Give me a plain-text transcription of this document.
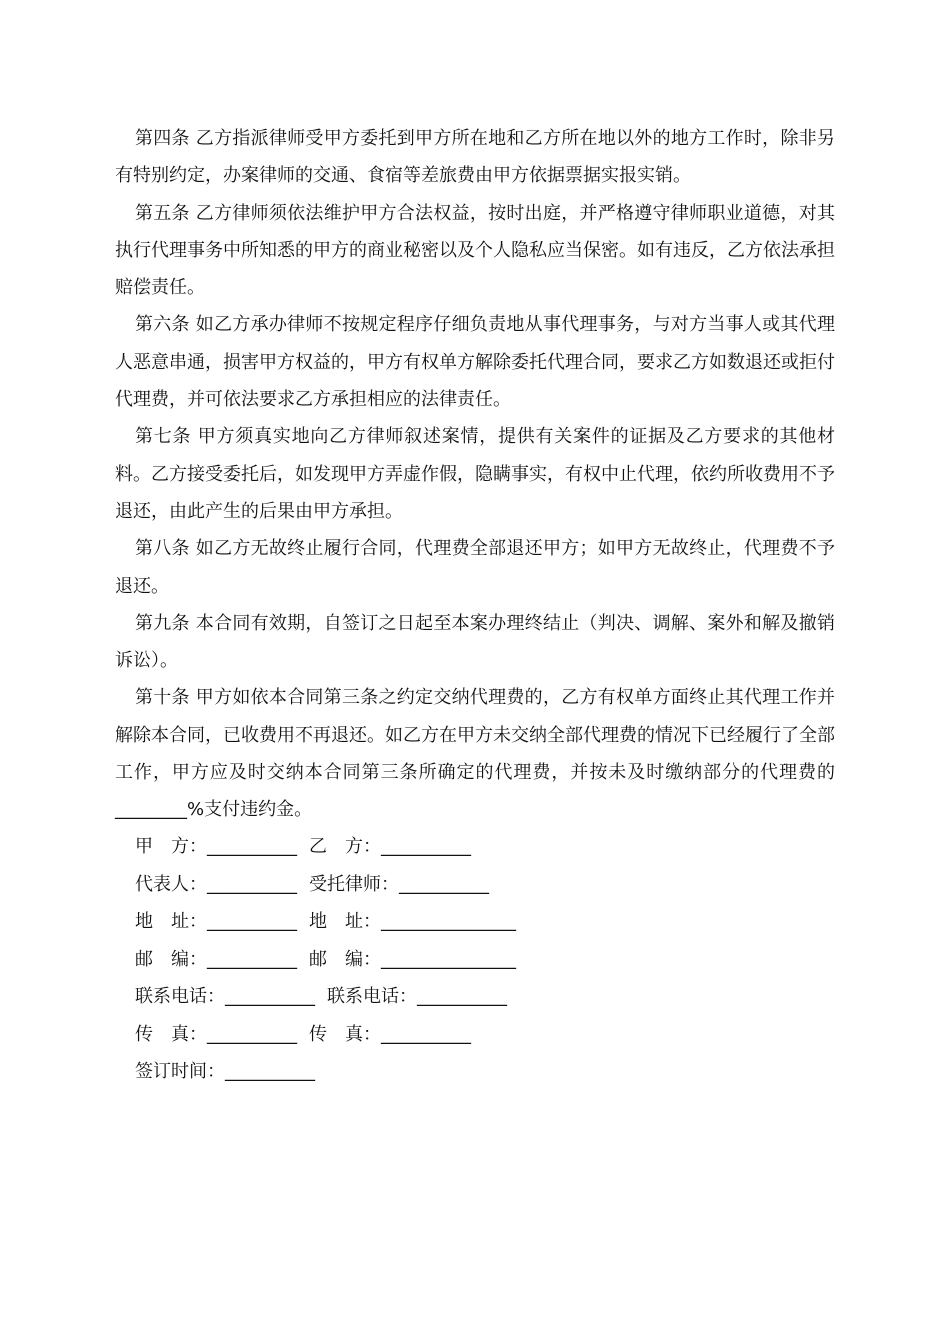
第四条 乙方指派律师受甲方委托到甲方所在地和乙方所在地以外的地方工作时，除非另有特别约定，办案律师的交通、食宿等差旅费由甲方依据票据实报实销。

第五条 乙方律师须依法维护甲方合法权益，按时出庭，并严格遵守律师职业道德，对其执行代理事务中所知悉的甲方的商业秘密以及个人隐私应当保密。如有违反，乙方依法承担赔偿责任。

第六条 如乙方承办律师不按规定程序仔细负责地从事代理事务，与对方当事人或其代理人恶意串通，损害甲方权益的，甲方有权单方解除委托代理合同，要求乙方如数退还或拒付代理费，并可依法要求乙方承担相应的法律责任。

第七条 甲方须真实地向乙方律师叙述案情，提供有关案件的证据及乙方要求的其他材料。乙方接受委托后，如发现甲方弄虚作假，隐瞒事实，有权中止代理，依约所收费用不予退还，由此产生的后果由甲方承担。

第八条 如乙方无故终止履行合同，代理费全部退还甲方；如甲方无故终止，代理费不予退还。

第九条 本合同有效期，自签订之日起至本案办理终结止（判决、调解、案外和解及撤销诉讼）。

第十条 甲方如依本合同第三条之约定交纳代理费的，乙方有权单方面终止其代理工作并解除本合同，已收费用不再退还。如乙方在甲方未交纳全部代理费的情况下已经履行了全部工作，甲方应及时交纳本合同第三条所确定的代理费，并按未及时缴纳部分的代理费的________%支付违约金。

甲　方：__________ 乙　方：__________
代表人：__________ 受托律师：__________
地　址：__________ 地　址：_______________
邮　编：__________ 邮　编：_______________
联系电话：__________ 联系电话：__________
传　真：__________ 传　真：__________
签订时间：__________
